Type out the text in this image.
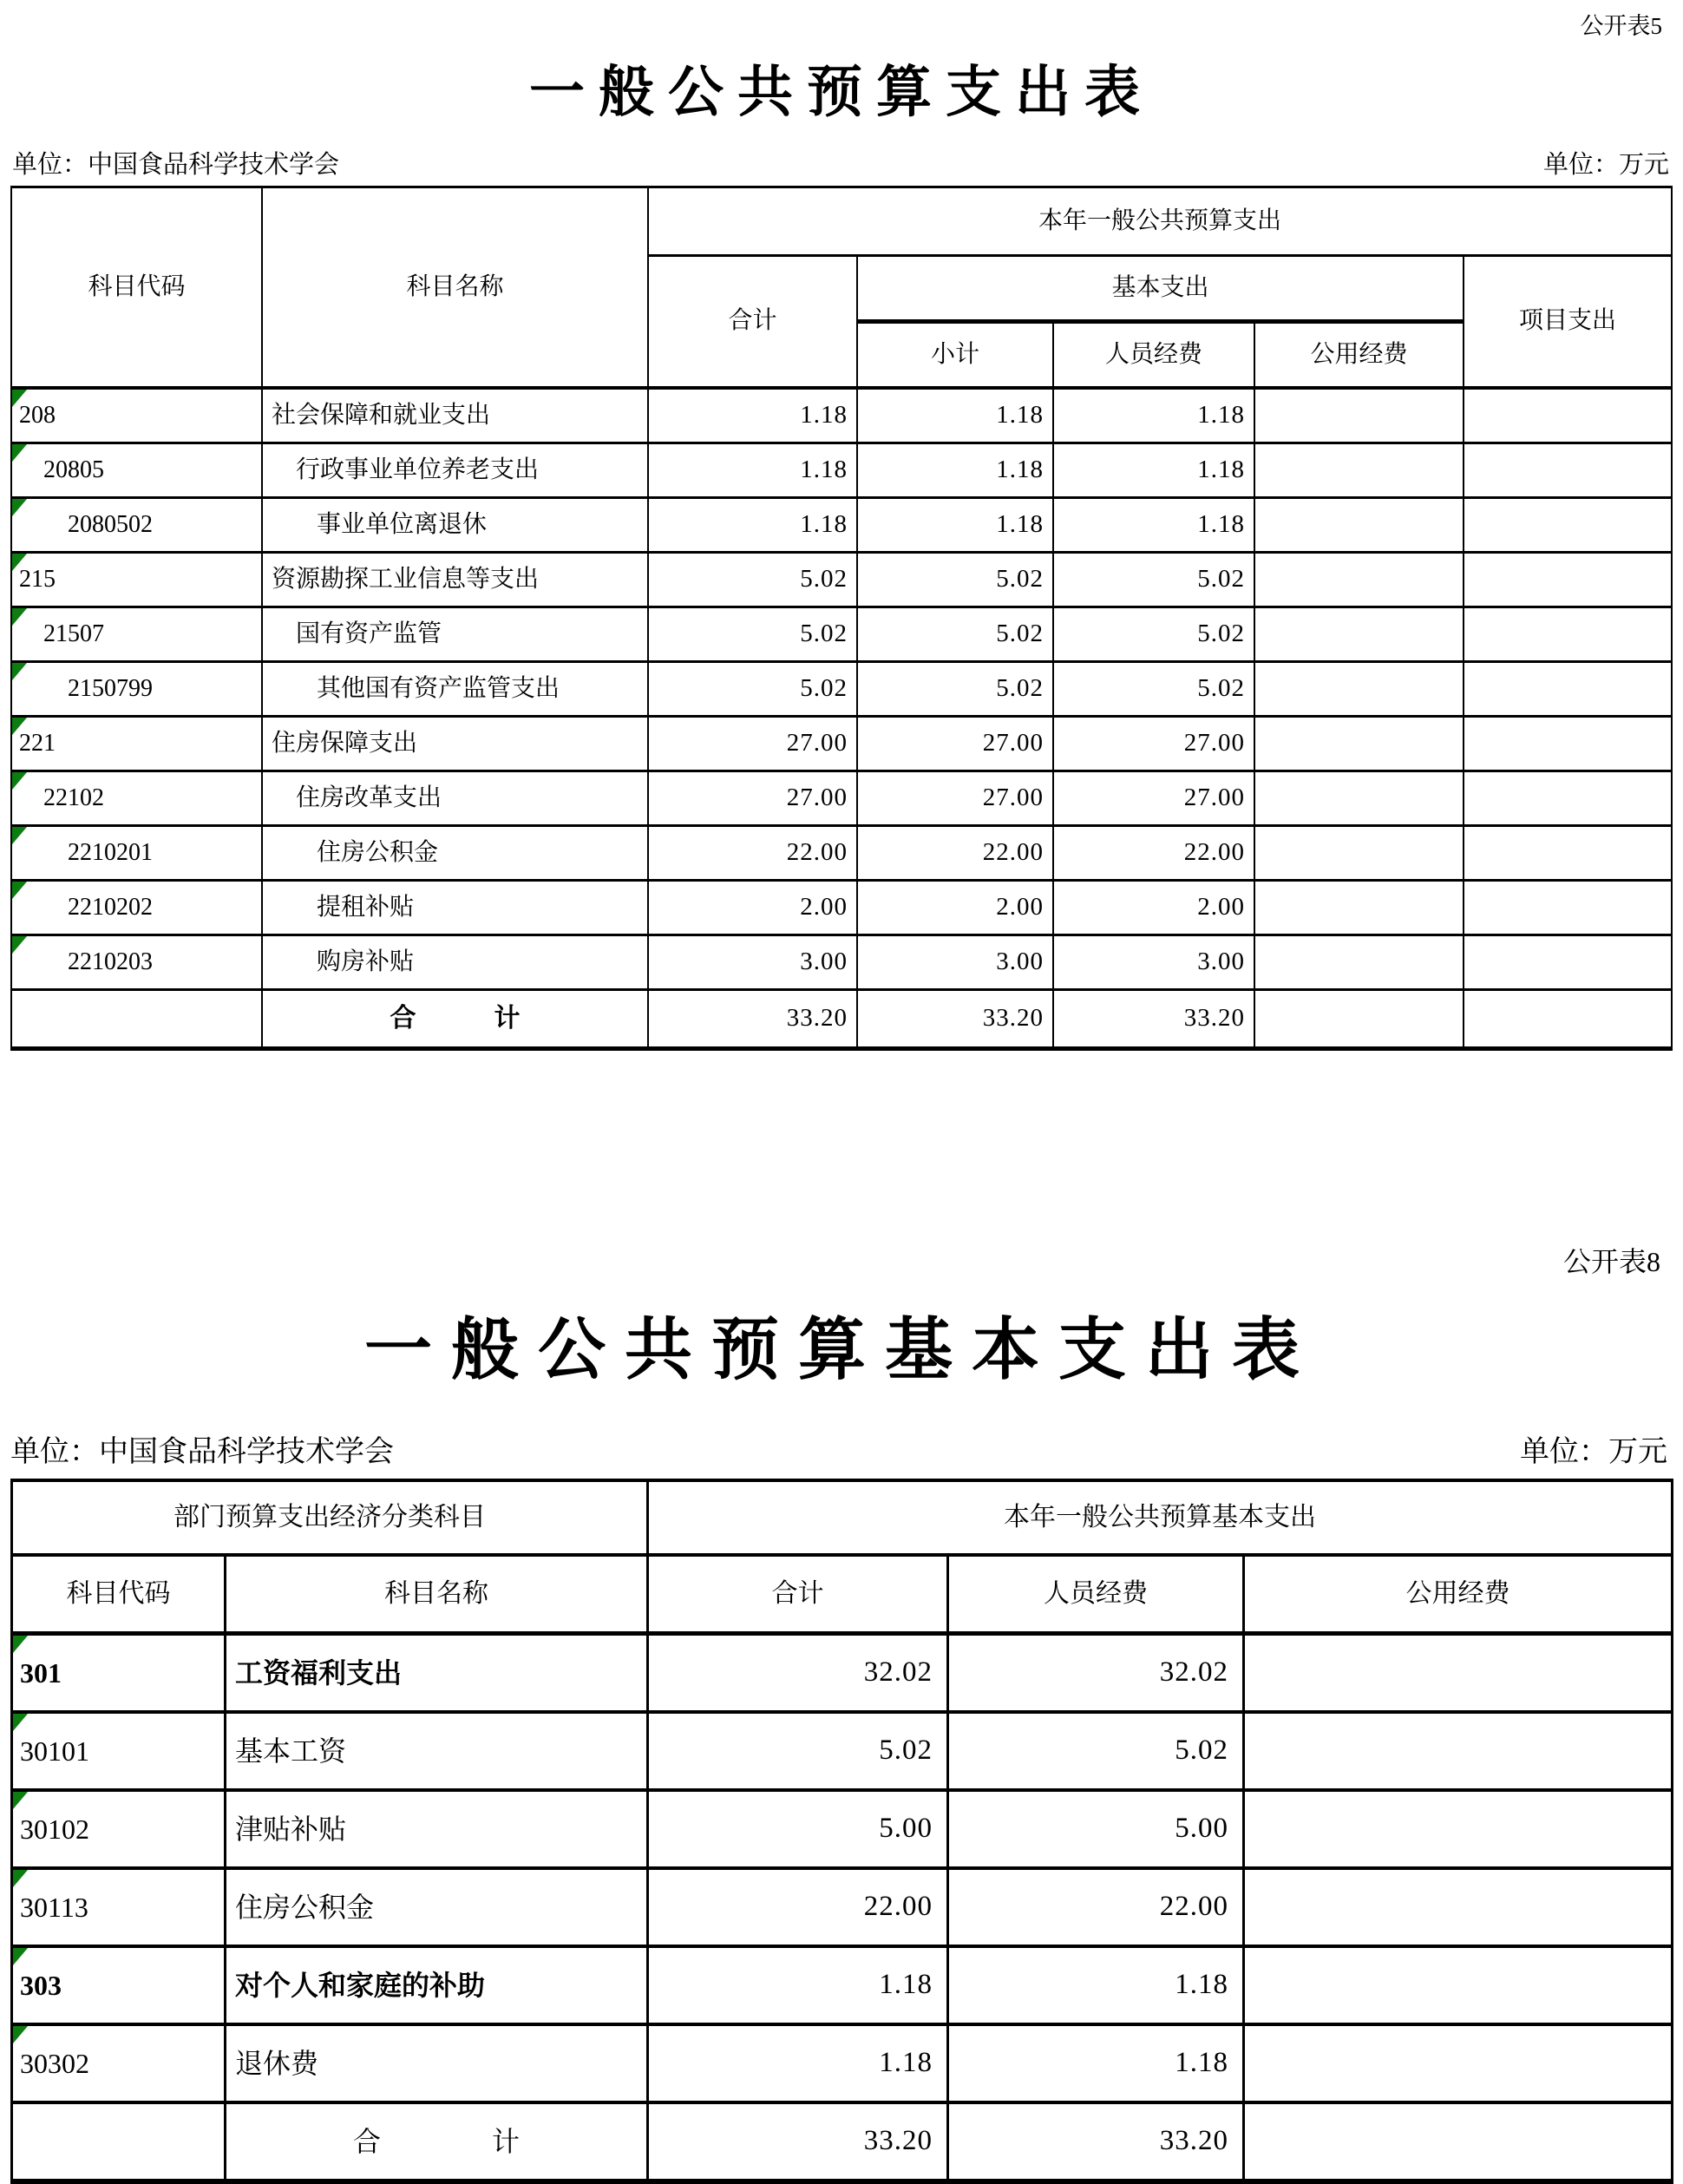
公开表5
一般公共预算支出表
单位：中国食品科学技术学会	单位：万元
科目代码	科目名称	本年一般公共预算支出				
		合计	基本支出			项目支出
			小计	人员经费	公用经费	

208	社会保障和就业支出	1.18	1.18	1.18		

20805	行政事业单位养老支出	1.18	1.18	1.18		

2080502	事业单位离退休	1.18	1.18	1.18		

215	资源勘探工业信息等支出	5.02	5.02	5.02		

21507	国有资产监管	5.02	5.02	5.02		

2150799	其他国有资产监管支出	5.02	5.02	5.02		

221	住房保障支出	27.00	27.00	27.00		

22102	住房改革支出	27.00	27.00	27.00		

2210201	住房公积金	22.00	22.00	22.00		

2210202	提租补贴	2.00	2.00	2.00		

2210203	购房补贴	3.00	3.00	3.00		
	合　　　计	33.20	33.20	33.20		
公开表8
一般公共预算基本支出表
单位：中国食品科学技术学会	单位：万元
部门预算支出经济分类科目		本年一般公共预算基本支出		
科目代码	科目名称	合计	人员经费	公用经费

301	工资福利支出	32.02	32.02	

30101	基本工资	5.02	5.02	

30102	津贴补贴	5.00	5.00	

30113	住房公积金	22.00	22.00	

303	对个人和家庭的补助	1.18	1.18	

30302	退休费	1.18	1.18	
	合　　　　计	33.20	33.20	
